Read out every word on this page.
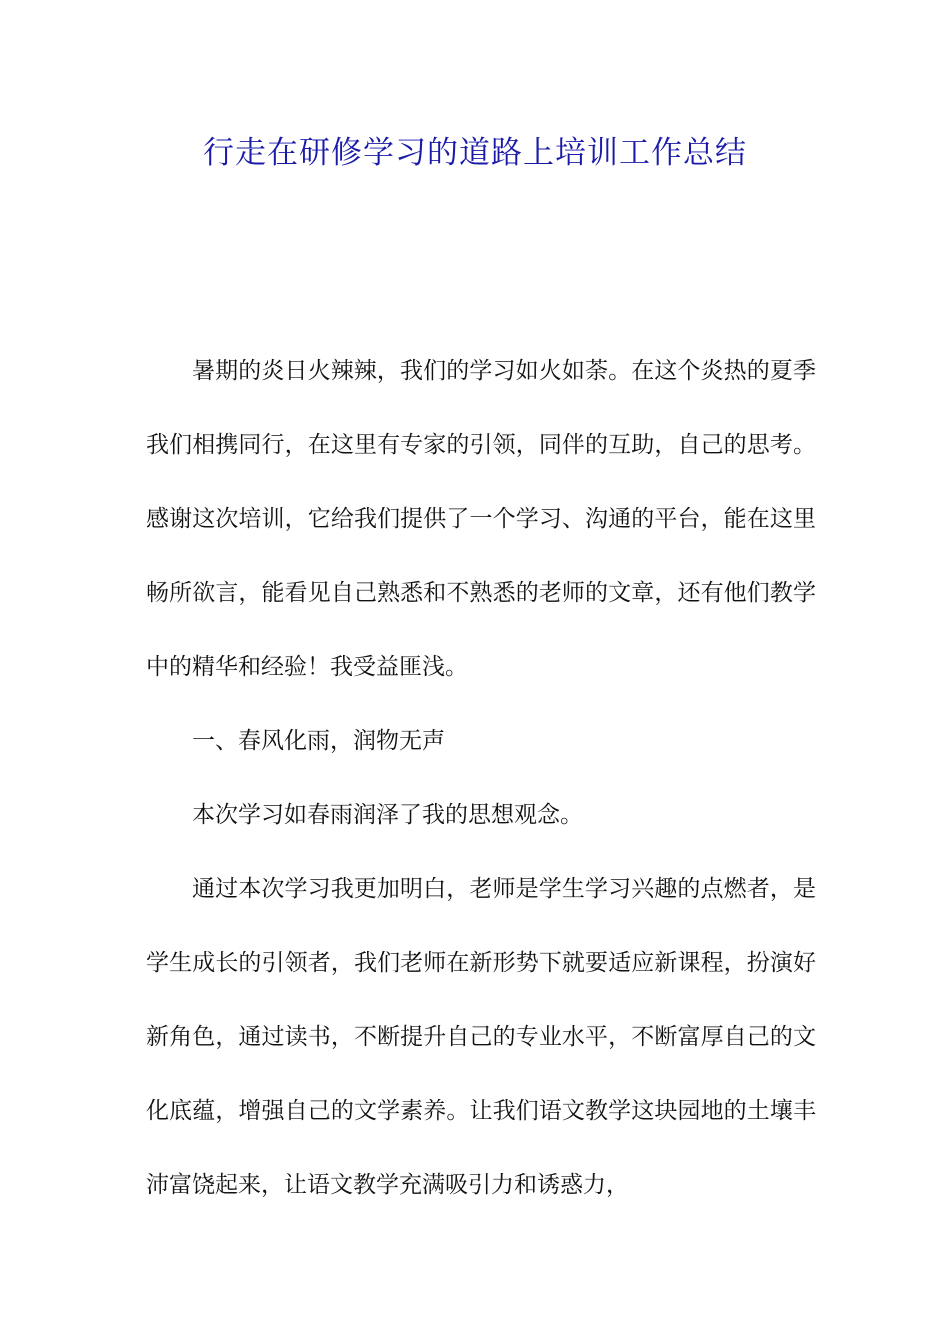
行走在研修学习的道路上培训工作总结

暑期的炎日火辣辣，我们的学习如火如荼。在这个炎热的夏季我们相携同行，在这里有专家的引领，同伴的互助，自己的思考。感谢这次培训，它给我们提供了一个学习、沟通的平台，能在这里畅所欲言，能看见自己熟悉和不熟悉的老师的文章，还有他们教学中的精华和经验！我受益匪浅。

一、春风化雨，润物无声

本次学习如春雨润泽了我的思想观念。

通过本次学习我更加明白，老师是学生学习兴趣的点燃者，是学生成长的引领者，我们老师在新形势下就要适应新课程，扮演好新角色，通过读书，不断提升自己的专业水平，不断富厚自己的文化底蕴，增强自己的文学素养。让我们语文教学这块园地的土壤丰沛富饶起来，让语文教学充满吸引力和诱惑力，
